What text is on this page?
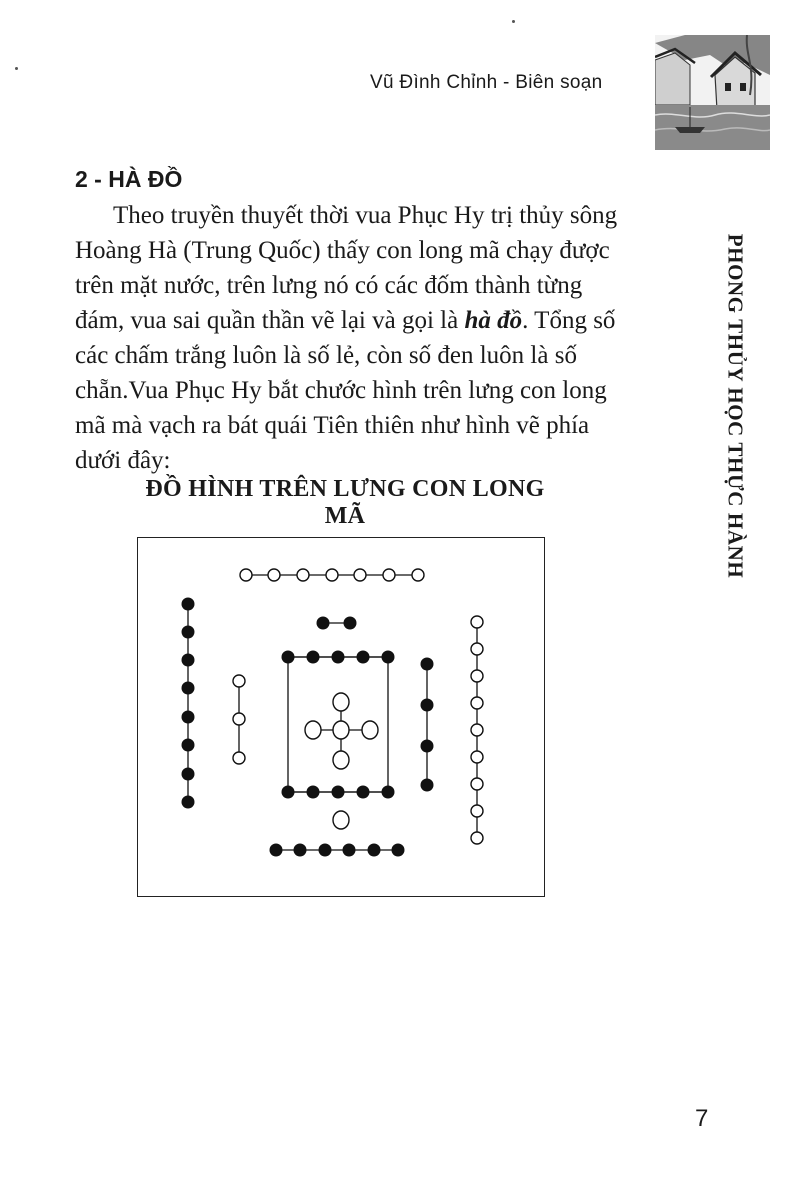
Vũ Đình Chỉnh - Biên soạn
2 - HÀ ĐỒ

Theo truyền thuyết thời vua Phục Hy trị thủy sông Hoàng Hà (Trung Quốc) thấy con long mã chạy được trên mặt nước, trên lưng nó có các đốm thành từng đám, vua sai quần thần vẽ lại và gọi là hà đồ. Tổng số các chấm trắng luôn là số lẻ, còn số đen luôn là số chẵn.Vua Phục Hy bắt chước hình trên lưng con long mã mà vạch ra bát quái Tiên thiên như hình vẽ phía dưới đây:

ĐỒ HÌNH TRÊN LƯNG CON LONG MÃ	PHONG THỦY HỌC THỰC HÀNH
7
